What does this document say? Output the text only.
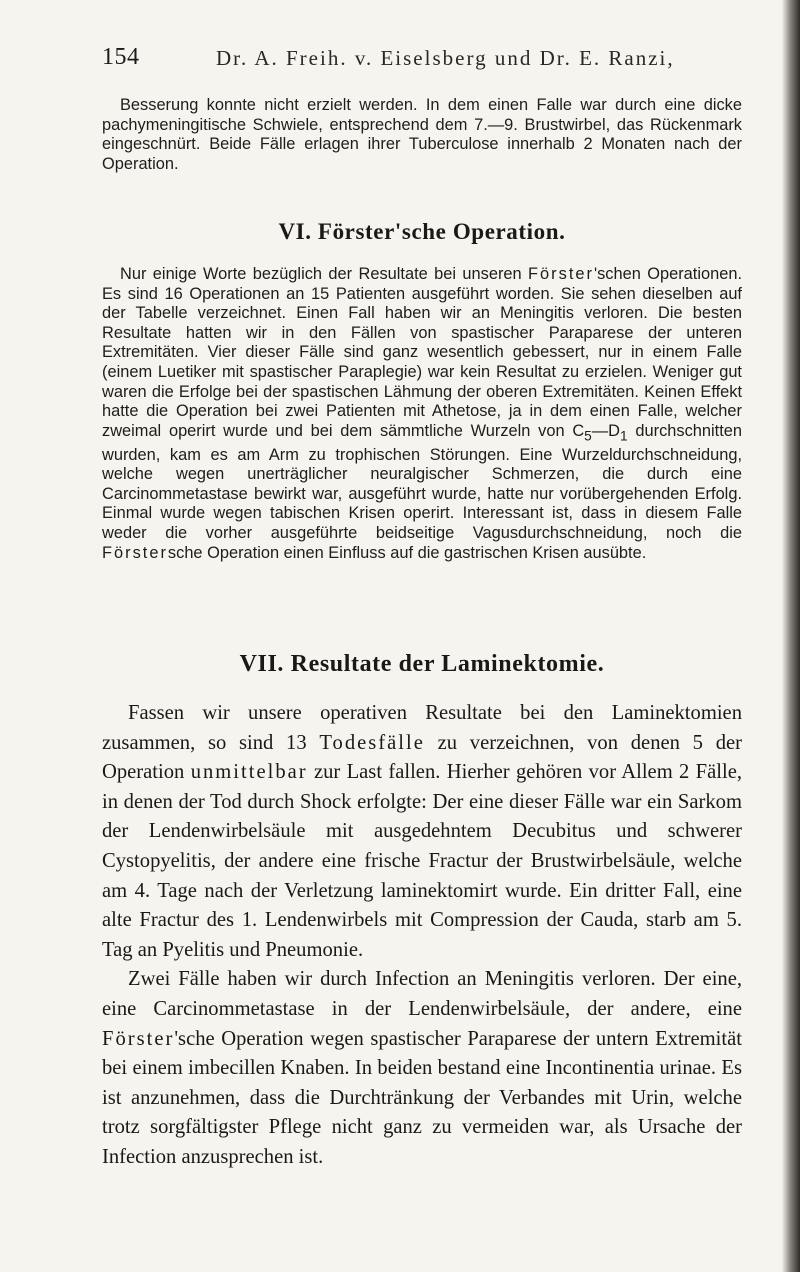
154	Dr. A. Freih. v. Eiselsberg und Dr. E. Ranzi,

Besserung konnte nicht erzielt werden. In dem einen Falle war durch eine dicke pachymeningitische Schwiele, entsprechend dem 7.—9. Brustwirbel, das Rückenmark eingeschnürt. Beide Fälle erlagen ihrer Tuberculose innerhalb 2 Monaten nach der Operation.

VI. Förster'sche Operation.

Nur einige Worte bezüglich der Resultate bei unseren Förster'schen Operationen. Es sind 16 Operationen an 15 Patienten ausgeführt worden. Sie sehen dieselben auf der Tabelle verzeichnet. Einen Fall haben wir an Meningitis verloren. Die besten Resultate hatten wir in den Fällen von spastischer Paraparese der unteren Extremitäten. Vier dieser Fälle sind ganz wesentlich gebessert, nur in einem Falle (einem Luetiker mit spastischer Paraplegie) war kein Resultat zu erzielen. Weniger gut waren die Erfolge bei der spastischen Lähmung der oberen Extremitäten. Keinen Effekt hatte die Operation bei zwei Patienten mit Athetose, ja in dem einen Falle, welcher zweimal operirt wurde und bei dem sämmtliche Wurzeln von $C_5—D_1$ durchschnitten wurden, kam es am Arm zu trophischen Störungen. Eine Wurzeldurchschneidung, welche wegen unerträglicher neuralgischer Schmerzen, die durch eine Carcinommetastase bewirkt war, ausgeführt wurde, hatte nur vorübergehenden Erfolg. Einmal wurde wegen tabischen Krisen operirt. Interessant ist, dass in diesem Falle weder die vorher ausgeführte beidseitige Vagusdurchschneidung, noch die Förstersche Operation einen Einfluss auf die gastrischen Krisen ausübte.

VII. Resultate der Laminektomie.

Fassen wir unsere operativen Resultate bei den Laminektomien zusammen, so sind 13 Todesfälle zu verzeichnen, von denen 5 der Operation unmittelbar zur Last fallen. Hierher gehören vor Allem 2 Fälle, in denen der Tod durch Shock erfolgte: Der eine dieser Fälle war ein Sarkom der Lendenwirbelsäule mit ausgedehntem Decubitus und schwerer Cystopyelitis, der andere eine frische Fractur der Brustwirbelsäule, welche am 4. Tage nach der Verletzung laminektomirt wurde. Ein dritter Fall, eine alte Fractur des 1. Lendenwirbels mit Compression der Cauda, starb am 5. Tag an Pyelitis und Pneumonie.

Zwei Fälle haben wir durch Infection an Meningitis verloren. Der eine, eine Carcinommetastase in der Lendenwirbelsäule, der andere, eine Förster'sche Operation wegen spastischer Paraparese der untern Extremität bei einem imbecillen Knaben. In beiden bestand eine Incontinentia urinae. Es ist anzunehmen, dass die Durchtränkung der Verbandes mit Urin, welche trotz sorgfältigster Pflege nicht ganz zu vermeiden war, als Ursache der Infection anzusprechen ist.
